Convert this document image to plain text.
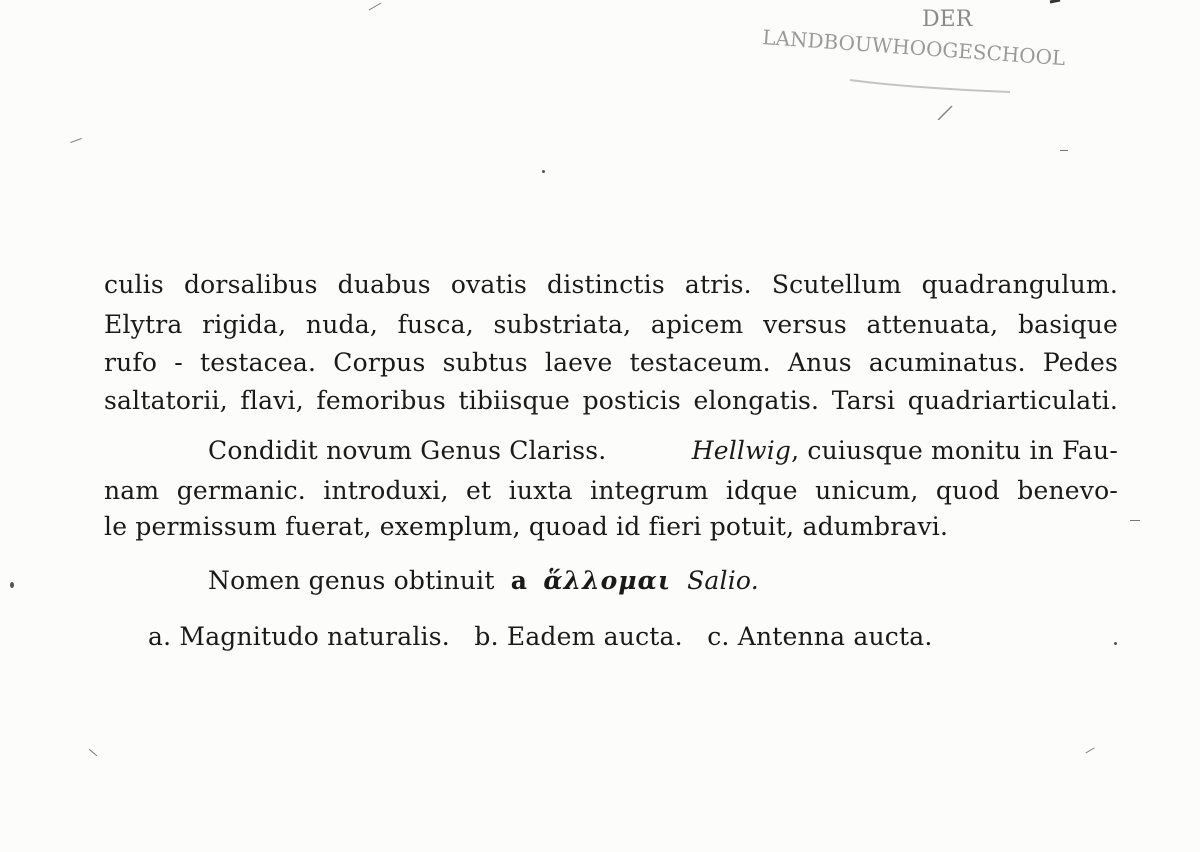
DER
LANDBOUWHOOGESCHOOL
culis dorsalibus duabus ovatis distinctis atris. Scutellum quadrangulum.
Elytra rigida, nuda, fusca, substriata, apicem versus attenuata, basique
rufo - testacea. Corpus subtus laeve testaceum. Anus acuminatus. Pedes
saltatorii, flavi, femoribus tibiisque posticis elongatis. Tarsi quadriarticulati.
Condidit novum Genus Clariss.	Hellwig, cuiusque monitu in Fau-
nam germanic. introduxi, et iuxta integrum idque unicum, quod benevo-
le permissum fuerat, exemplum, quoad id fieri potuit, adumbravi.
Nomen genus obtinuit a ἅλλομαι Salio.
a. Magnitudo naturalis.   b. Eadem aucta.   c. Antenna aucta.
